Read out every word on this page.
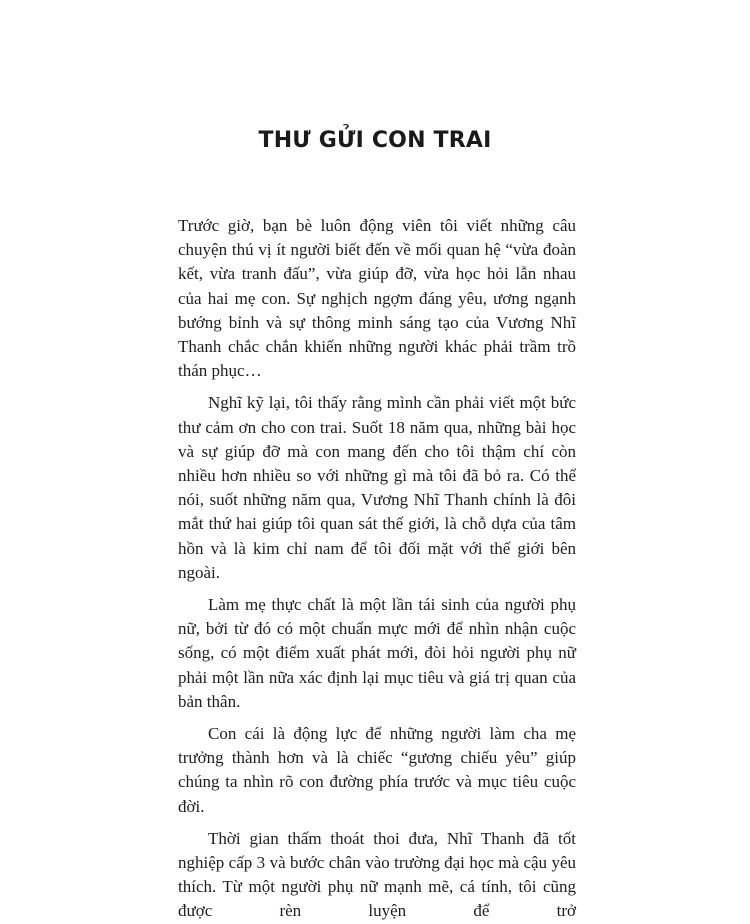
THƯ GỬI CON TRAI

Trước giờ, bạn bè luôn động viên tôi viết những câu chuyện thú vị ít người biết đến về mối quan hệ “vừa đoàn kết, vừa tranh đấu”, vừa giúp đỡ, vừa học hỏi lẫn nhau của hai mẹ con. Sự nghịch ngợm đáng yêu, ương ngạnh bướng bỉnh và sự thông minh sáng tạo của Vương Nhĩ Thanh chắc chắn khiến những người khác phải trầm trồ thán phục…

Nghĩ kỹ lại, tôi thấy rằng mình cần phải viết một bức thư cảm ơn cho con trai. Suốt 18 năm qua, những bài học và sự giúp đỡ mà con mang đến cho tôi thậm chí còn nhiều hơn nhiều so với những gì mà tôi đã bỏ ra. Có thể nói, suốt những năm qua, Vương Nhĩ Thanh chính là đôi mắt thứ hai giúp tôi quan sát thế giới, là chỗ dựa của tâm hồn và là kim chỉ nam để tôi đối mặt với thế giới bên ngoài.

Làm mẹ thực chất là một lần tái sinh của người phụ nữ, bởi từ đó có một chuẩn mực mới để nhìn nhận cuộc sống, có một điểm xuất phát mới, đòi hỏi người phụ nữ phải một lần nữa xác định lại mục tiêu và giá trị quan của bản thân.

Con cái là động lực để những người làm cha mẹ trưởng thành hơn và là chiếc “gương chiếu yêu” giúp chúng ta nhìn rõ con đường phía trước và mục tiêu cuộc đời.

Thời gian thấm thoát thoi đưa, Nhĩ Thanh đã tốt nghiệp cấp 3 và bước chân vào trường đại học mà cậu yêu thích. Từ một người phụ nữ mạnh mẽ, cá tính, tôi cũng được rèn luyện để trở
